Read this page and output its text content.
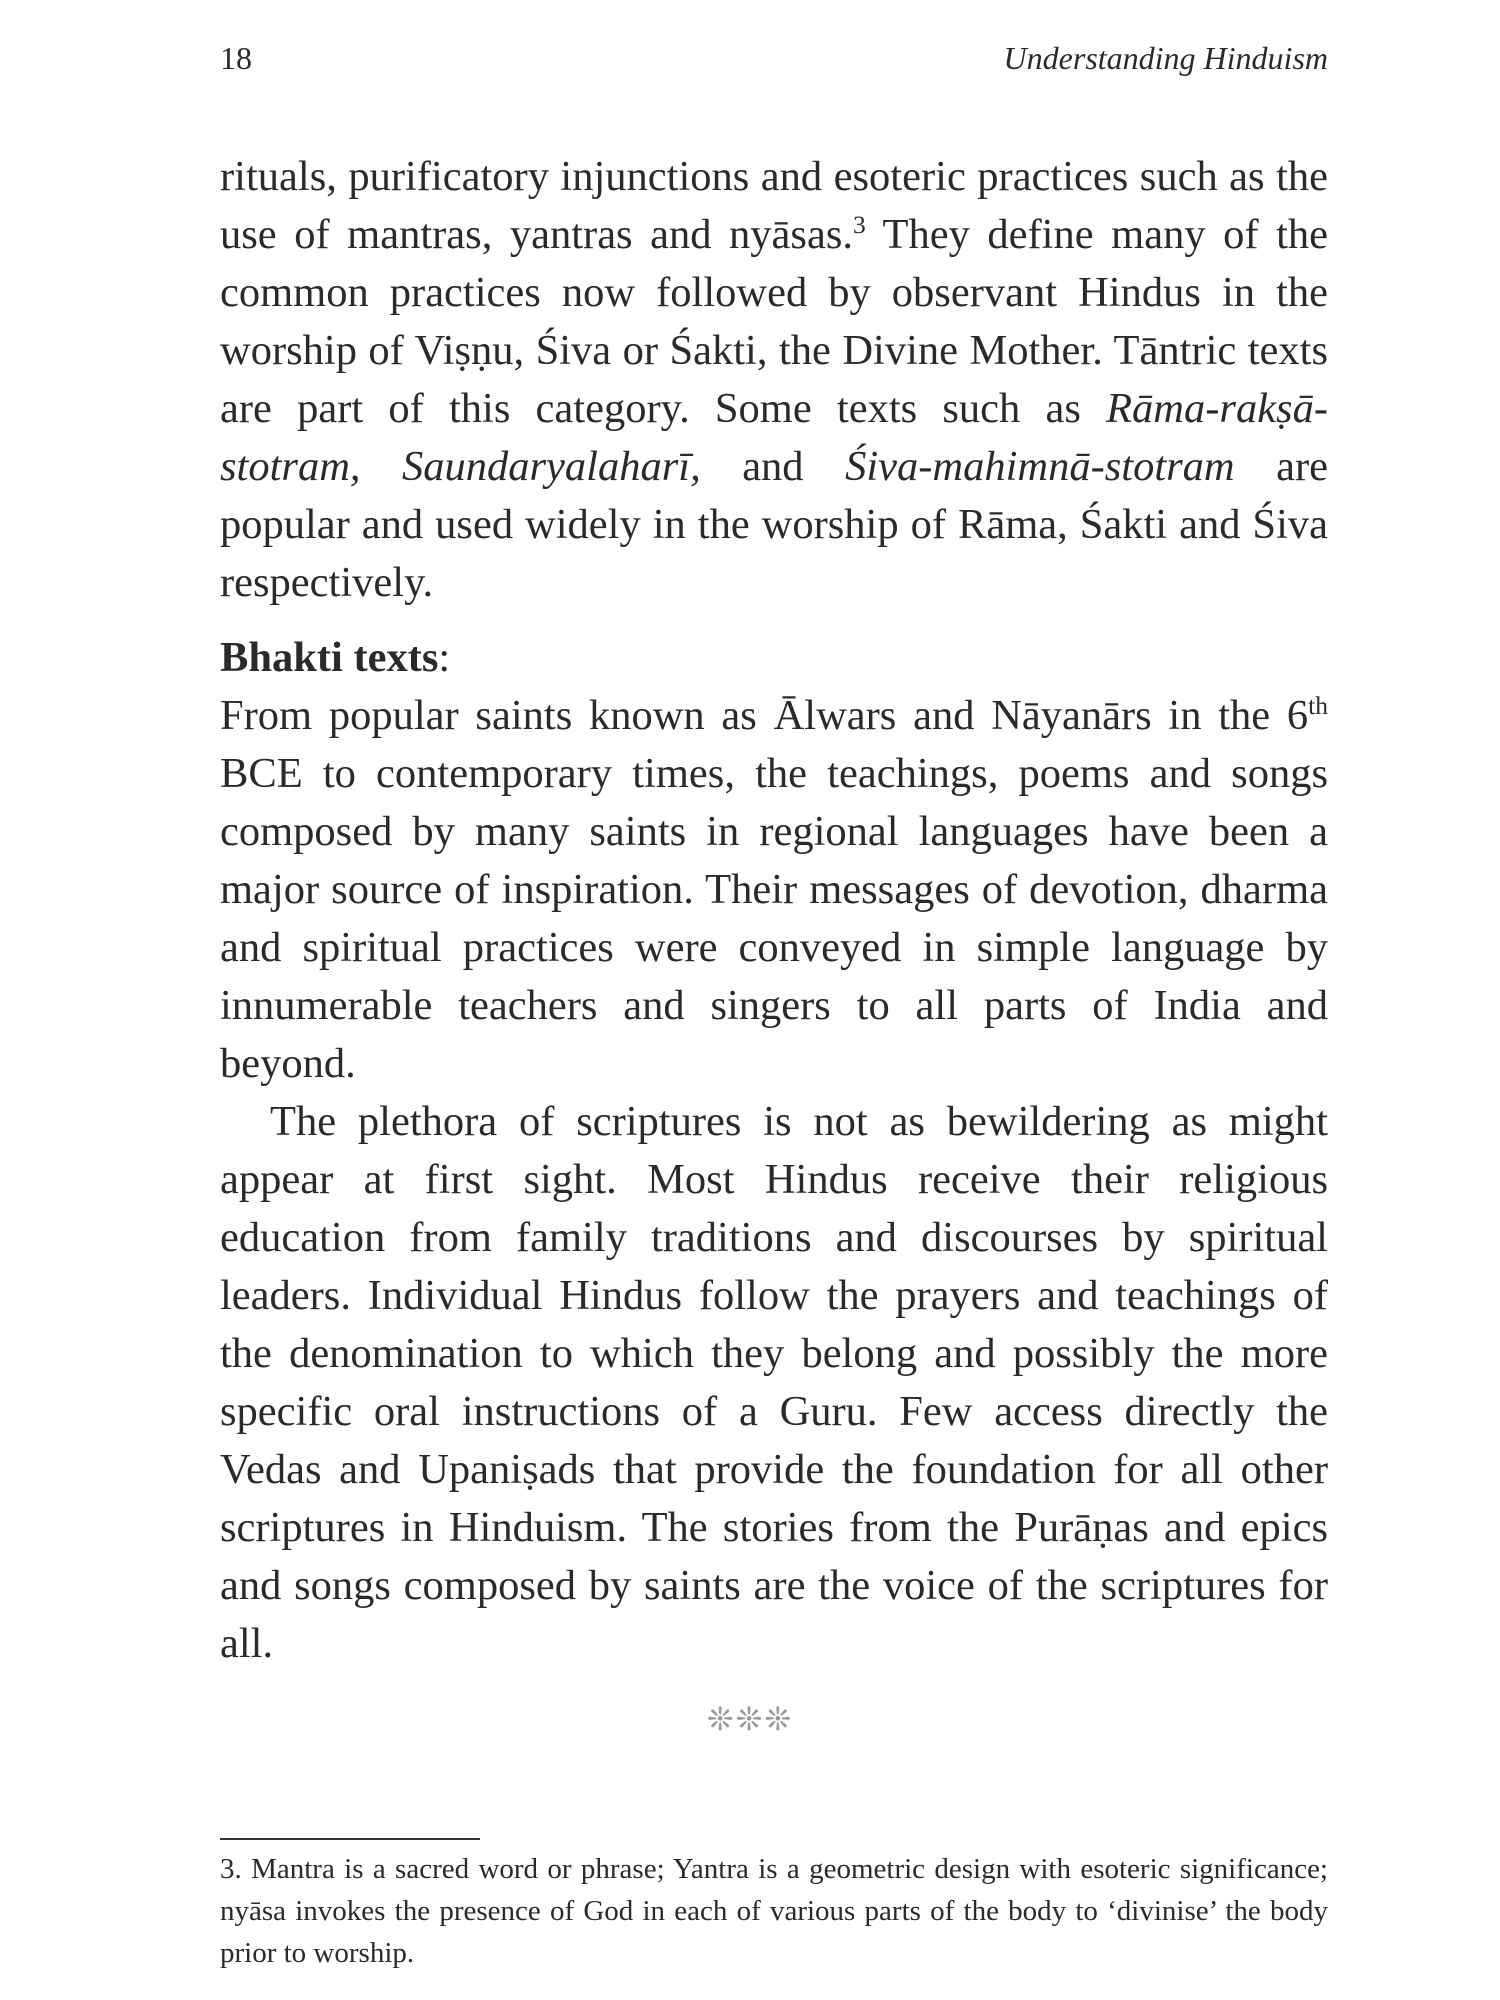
18	Understanding Hinduism

rituals, purificatory injunctions and esoteric practices such as the use of mantras, yantras and nyāsas.$^3$ They define many of the common practices now followed by observant Hindus in the worship of Viṣṇu, Śiva or Śakti, the Divine Mother. Tāntric texts are part of this category. Some texts such as Rāma-rakṣā-stotram, Saundaryalaharī, and Śiva-mahimnā-stotram are popular and used widely in the worship of Rāma, Śakti and Śiva respectively.

Bhakti texts:

From popular saints known as Ālwars and Nāyanārs in the 6th BCE to contemporary times, the teachings, poems and songs composed by many saints in regional languages have been a major source of inspiration. Their messages of devotion, dharma and spiritual practices were conveyed in simple language by innumerable teachers and singers to all parts of India and beyond.

The plethora of scriptures is not as bewildering as might appear at first sight. Most Hindus receive their religious education from family traditions and discourses by spiritual leaders. Individual Hindus follow the prayers and teachings of the denomination to which they belong and possibly the more specific oral instructions of a Guru. Few access directly the Vedas and Upaniṣads that provide the foundation for all other scriptures in Hinduism. The stories from the Purāṇas and epics and songs composed by saints are the voice of the scriptures for all.

❊❊❊

3. Mantra is a sacred word or phrase; Yantra is a geometric design with esoteric significance; nyāsa invokes the presence of God in each of various parts of the body to ‘divinise’ the body prior to worship.
